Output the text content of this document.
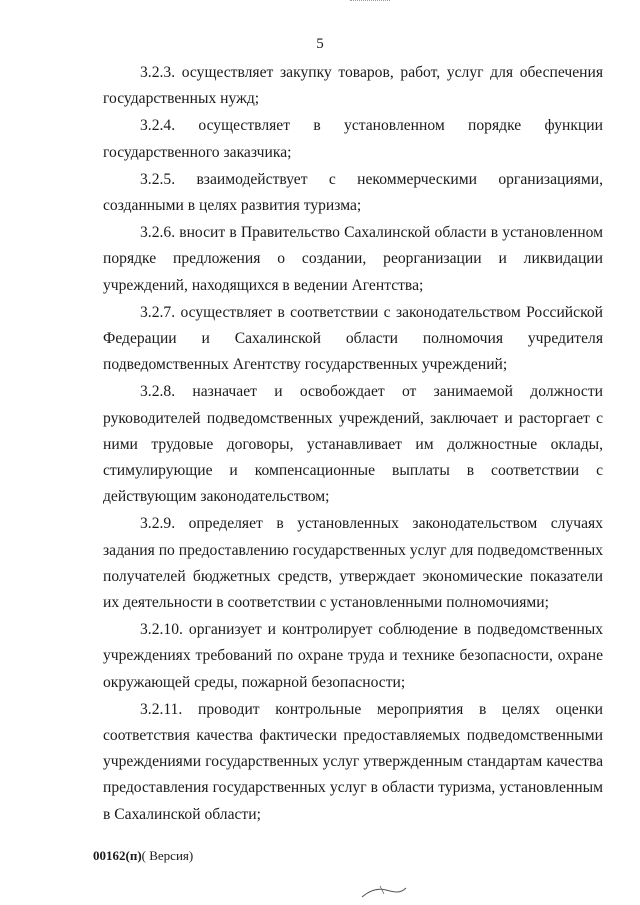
5

3.2.3. осуществляет закупку товаров, работ, услуг для обеспечения государственных нужд;

3.2.4. осуществляет в установленном порядке функции государственного заказчика;

3.2.5. взаимодействует с некоммерческими организациями, созданными в целях развития туризма;

3.2.6. вносит в Правительство Сахалинской области в установленном порядке предложения о создании, реорганизации и ликвидации учреждений, находящихся в ведении Агентства;

3.2.7. осуществляет в соответствии с законодательством Российской Федерации и Сахалинской области полномочия учредителя подведомственных Агентству государственных учреждений;

3.2.8. назначает и освобождает от занимаемой должности руководителей подведомственных учреждений, заключает и расторгает с ними трудовые договоры, устанавливает им должностные оклады, стимулирующие и компенсационные выплаты в соответствии с действующим законодательством;

3.2.9. определяет в установленных законодательством случаях задания по предоставлению государственных услуг для подведомственных получателей бюджетных средств, утверждает экономические показатели их деятельности в соответствии с установленными полномочиями;

3.2.10. организует и контролирует соблюдение в подведомственных учреждениях требований по охране труда и технике безопасности, охране окружающей среды, пожарной безопасности;

3.2.11. проводит контрольные мероприятия в целях оценки соответствия качества фактически предоставляемых подведомственными учреждениями государственных услуг утвержденным стандартам качества предоставления государственных услуг в области туризма, установленным в Сахалинской области;

00162(п)( Версия)
